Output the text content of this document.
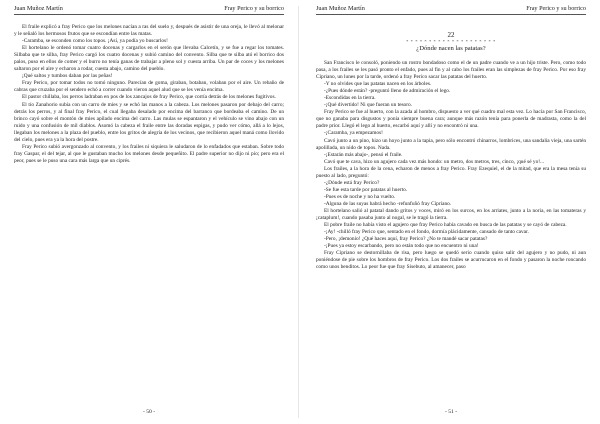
Juan Muñoz Martín	Fray Perico y su borrico

El fraile explicó a fray Perico que los melones nacían a ras del suelo y, después de asistir de una oreja, le llevó al melonar y le señaló los hermosos frutos que se escondían entre las matas.

-Caramba, se esconden como los topos. ¡Así, ya podía yo buscarlos!

El hortelano le ordenó tomar cuatro docenas y cargarlos en el serón que llevaba Calcetín, y se fue a regar los tomates. Silbaba que te silba, fray Perico cargó los cuatro docenas y subió camino del convento. Silba que te silba ató el borrico dos palos, puso en ellos de comer y el burro no tenía ganas de trabajar a pleno sol y cuesta arriba. Un par de coces y los melones saltaron por el aire y echaron a rodar, cuesta abajo, camino del pueblo.

¡Qué saltos y tumbos daban por las peñas!

Fray Perico, por tomar todos no tomó ninguno. Parecían de goma, giraban, botaban, volaban por el aire. Un rebaño de cabras que cruzaba por el sendero echó a correr cuando vieron aquel alud que se les venía encima.

El pastor chillaba, los perros ladraban en pos de los zancajos de fray Perico, que corría detrás de los melones fugitivos.

El tío Zanahorio subía con un carro de mies y se echó las manos a la cabeza. Los melones pasaron por debajo del carro; detrás los perros, y al final fray Perico, el cual llegaba desalado por encima del barranco que bordeaba el camino. De un brinco cayó sobre el montón de mies apilado encima del carro. Las mulas se espantaron y el vehículo se vino abajo con un ruido y una confusión de mil diablos. Asomó la cabeza el fraile entre las doradas espigas, y pudo ver cómo, allá a lo lejos, llegaban los melones a la plaza del pueblo, entre los gritos de alegría de los vecinos, que recibieron aquel maná como llovido del cielo, pues era ya la hora del postre.

Fray Perico subió avergonzado al convento, y los frailes ni siquiera le saludaron de lo enfadados que estaban. Sobre todo fray Gaspar, el del tejar, al que le gustaban mucho los melones desde pequeñito. El padre superior no dijo ni pío; pero era el peor, pues se le puso una cara más larga que un ciprés.

- 50 -
Juan Muñoz Martín	Fray Perico y su borrico
22
* * * * * * * * * * * * * * * * * * * *
¿Dónde nacen las patatas?

San Francisco le consoló, poniendo un rostro bondadoso como el de un padre cuando ve a un hijo triste. Pero, como todo pasa, a los frailes se les pasó pronto el enfado, pues al fin y al cabo los frailes eran las simplezas de fray Perico. Por eso fray Cipriano, un lunes por la tarde, ordenó a fray Perico sacar las patatas del huerto.

-Y no olvides que las patatas nacen en los árboles.

-¿Pues dónde están? -preguntó lleno de admiración el lego.

-Escondidas en la tierra.

-¡Qué divertido! Ni que fueran un tesoro.

Fray Perico se fue al huerto, con la azada al hombro, dispuesto a ver qué cuadro mal esta vez. Lo hacía por San Francisco, que no ganaba para disgustos y ponía siempre buena cara; aunque más razón tenía para ponerla de madrasta, como la del padre prior. Llegó el lego al huerto, escarbó aquí y allí y no encontró ni una.

-¡Caramba, ya empezamos!

Cavó junto a un pino, hizo un hoyo junto a la tapia, pero sólo encontró chinarros, lombrices, una sandalia vieja, una sartén apolillada, un nido de topos. Nada.

-¡Estarán más abajo-, pensó el fraile.

Cavó que te cava, hizo un agujero cada vez más hondo: un metro, dos metros, tres, cinco, ¡qué sé yo!...

Los frailes, a la hora de la cena, echaron de menos a fray Perico. Fray Ezequiel, el de la mitad, que era la mesa tenía su puesto al lado, preguntó:

-¿Dónde está fray Perico?

-Se fue esta tarde por patatas al huerto.

-Pues es de noche y no ha vuelto.

-Alguna de las suyas habrá hecho -refunfuñó fray Cipriano.

El hortelano salió al patatal dando gritos y voces, miró en los surcos, en los arriates, junto a la noria, en las tomateras y ¡cataplum!, cuando pasaba junto al nogal, se le tragó la tierra.

El pobre fraile no había visto el agujero que fray Perico había cavado en busca de las patatas y se cayó de cabeza.

-¡Ay! -chilló fray Perico que, sentado en el fondo, dormía plácidamente, cansado de tanto cavar.

-Pero, ¡demonio! ¿Qué haces aquí, fray Perico? ¿No te mandé sacar patatas?

-¡Pues ya estoy escarbando, pero no están todo que no encuentro ni una!

Fray Cipriano se destornillaba de risa, pero luego se quedó serio cuando quiso salir del agujero y no pudo, ni aun poniéndose de pie sobre los hombros de fray Perico. Los dos frailes se acurrucaron en el fondo y pasaron la noche roncando como unos benditos. Lo peor fue que fray Sisebuto, al amanecer, paso

- 51 -
